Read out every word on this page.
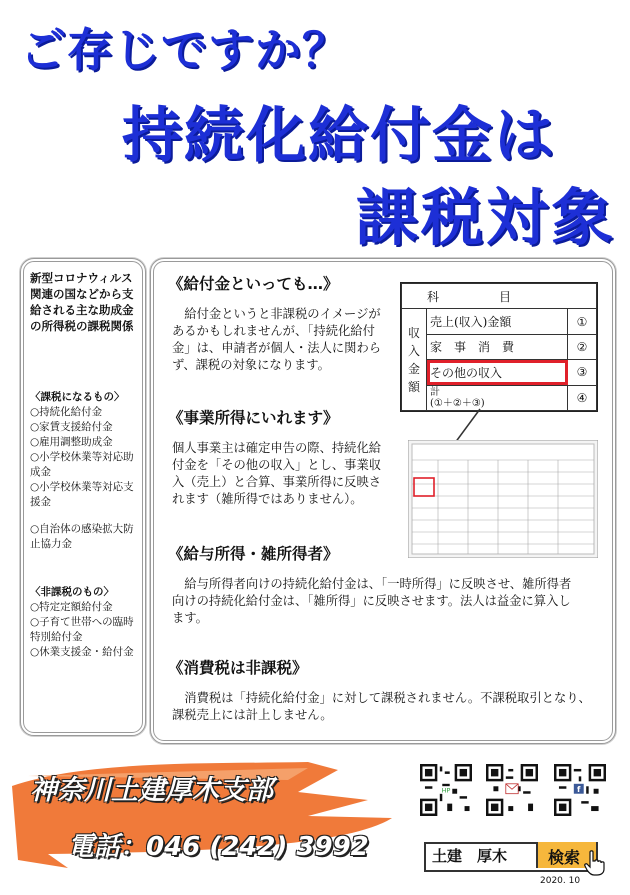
ご存じですか？
持続化給付金は
課税対象
新型コロナウィルス関連の国などから支給される主な助成金の所得税の課税関係

〈課税になるもの〉

○持続化給付金
○家賃支援給付金
○雇用調整助成金
○小学校休業等対応助成金
○小学校休業等対応支援金
○自治体の感染拡大防止協力金

〈非課税のもの〉

○特定定額給付金
○子育て世帯への臨時特別給付金
○休業支援金・給付金
《給付金といっても…》

給付金というと非課税のイメージがあるかもしれませんが、「持続化給付金」は、申請者が個人・法人に関わらず、課税の対象になります。

《事業所得にいれます》

個人事業主は確定申告の際、持続化給付金を「その他の収入」とし、事業収入（売上）と合算、事業所得に反映されます（雑所得ではありません）。

《給与所得・雑所得者》

給与所得者向けの持続化給付金は、「一時所得」に反映させ、雑所得者向けの持続化給付金は、「雑所得」に反映させます。法人は益金に算入します。

《消費税は非課税》

消費税は「持続化給付金」に対して課税されません。不課税取引となり、課税売上には計上しません。

科目		

収
入
金
額	売上(収入)金額	①
	家　事　消　費	②
	その他の収入	③
	計
(①＋②＋③)	④
神奈川土建厚木支部
電話：046 (242) 3992
HP	f
土建　厚木	検索
2020. 10
